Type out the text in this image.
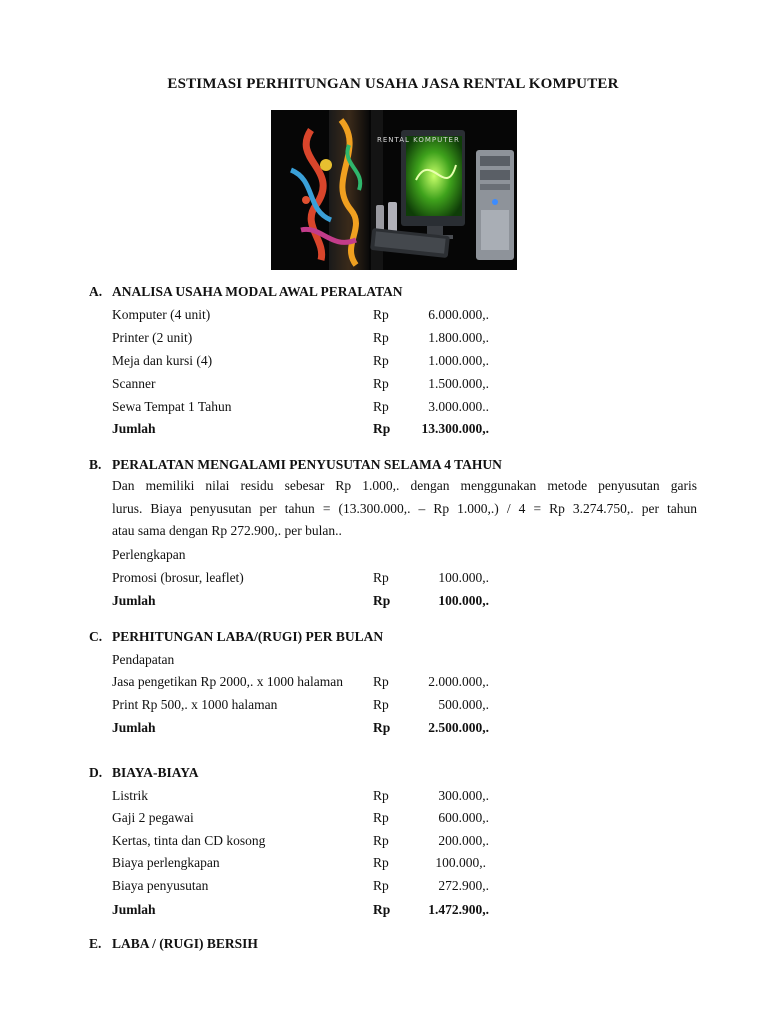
ESTIMASI PERHITUNGAN USAHA JASA RENTAL KOMPUTER
RENTAL KOMPUTER
A. ANALISA USAHA MODAL AWAL PERALATAN
Komputer (4 unit)	Rp	6.000.000,.
Printer (2 unit)	Rp	1.800.000,.
Meja dan kursi (4)	Rp	1.000.000,.
Scanner	Rp	1.500.000,.
Sewa Tempat 1 Tahun	Rp	3.000.000..
Jumlah	Rp 13.300.000,.
B. PERALATAN MENGALAMI PENYUSUTAN SELAMA 4 TAHUN
Dan memiliki nilai residu sebesar Rp 1.000,. dengan menggunakan metode penyusutan garis
lurus. Biaya penyusutan per tahun = (13.300.000,. – Rp 1.000,.) / 4 = Rp 3.274.750,. per tahun
atau sama dengan Rp 272.900,. per bulan..
Perlengkapan
Promosi (brosur, leaflet)	Rp	100.000,.
Jumlah	Rp	100.000,.
C. PERHITUNGAN LABA/(RUGI) PER BULAN
Pendapatan
Jasa pengetikan Rp 2000,. x 1000 halaman Rp	2.000.000,.
Print Rp 500,. x 1000 halaman	Rp	500.000,.
Jumlah	Rp	2.500.000,.
D. BIAYA-BIAYA
Listrik	Rp	300.000,.
Gaji 2 pegawai	Rp	600.000,.
Kertas, tinta dan CD kosong	Rp	200.000,.
Biaya perlengkapan	Rp	100.000,.
Biaya penyusutan	Rp	272.900,.
Jumlah	Rp	1.472.900,.
E. LABA / (RUGI) BERSIH
